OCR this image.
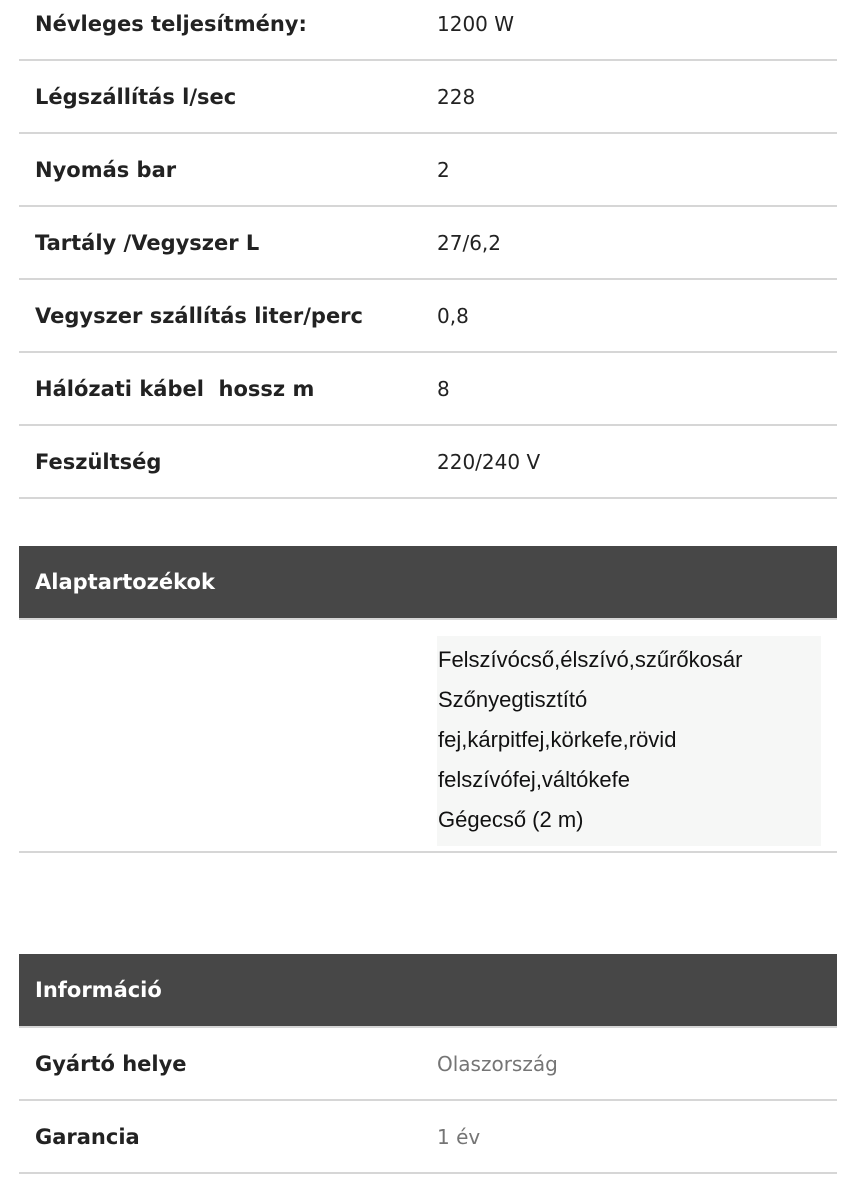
Névleges teljesítmény:	1200 W
Légszállítás l/sec	228
Nyomás bar	2
Tartály /Vegyszer L	27/6,2
Vegyszer szállítás liter/perc	0,8
Hálózati kábel  hossz m	8
Feszültség	220/240 V
Alaptartozékok
Felszívócső,élszívó,szűrőkosár
Szőnyegtisztító
fej,kárpitfej,körkefe,rövid
felszívófej,váltókefe
Gégecső (2 m)
Információ
Gyártó helye	Olaszország
Garancia	1 év
